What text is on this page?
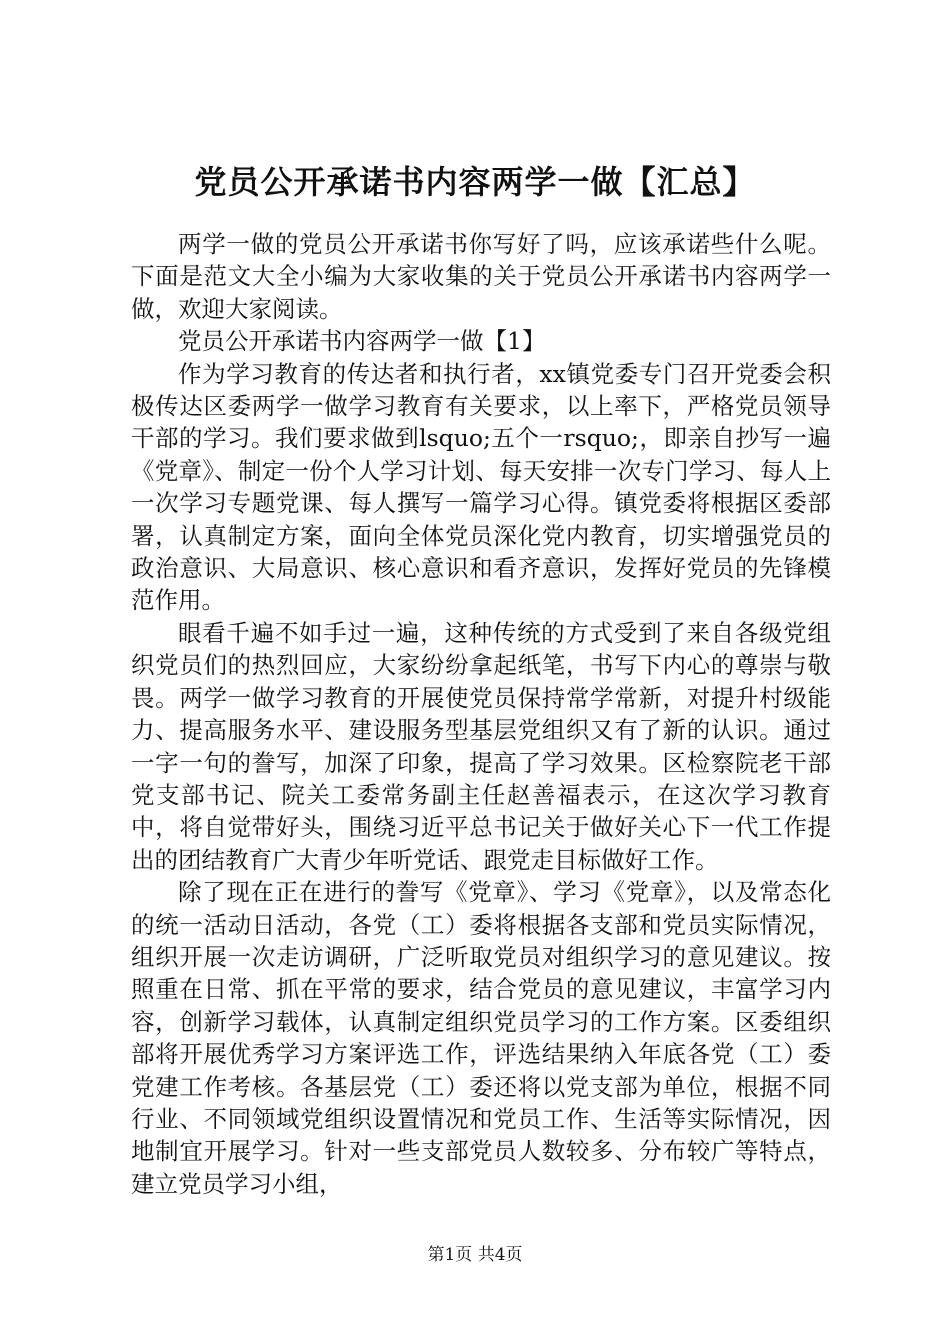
党员公开承诺书内容两学一做【汇总】

两学一做的党员公开承诺书你写好了吗，应该承诺些什么呢。下面是范文大全小编为大家收集的关于党员公开承诺书内容两学一做，欢迎大家阅读。

党员公开承诺书内容两学一做【1】

作为学习教育的传达者和执行者，xx镇党委专门召开党委会积极传达区委两学一做学习教育有关要求，以上率下，严格党员领导干部的学习。我们要求做到lsquo;五个一rsquo;，即亲自抄写一遍《党章》、制定一份个人学习计划、每天安排一次专门学习、每人上一次学习专题党课、每人撰写一篇学习心得。镇党委将根据区委部署，认真制定方案，面向全体党员深化党内教育，切实增强党员的政治意识、大局意识、核心意识和看齐意识，发挥好党员的先锋模范作用。

眼看千遍不如手过一遍，这种传统的方式受到了来自各级党组织党员们的热烈回应，大家纷纷拿起纸笔，书写下内心的尊崇与敬畏。两学一做学习教育的开展使党员保持常学常新，对提升村级能力、提高服务水平、建设服务型基层党组织又有了新的认识。通过一字一句的誊写，加深了印象，提高了学习效果。区检察院老干部党支部书记、院关工委常务副主任赵善福表示，在这次学习教育中，将自觉带好头，围绕习近平总书记关于做好关心下一代工作提出的团结教育广大青少年听党话、跟党走目标做好工作。

除了现在正在进行的誊写《党章》、学习《党章》，以及常态化的统一活动日活动，各党（工）委将根据各支部和党员实际情况，组织开展一次走访调研，广泛听取党员对组织学习的意见建议。按照重在日常、抓在平常的要求，结合党员的意见建议，丰富学习内容，创新学习载体，认真制定组织党员学习的工作方案。区委组织部将开展优秀学习方案评选工作，评选结果纳入年底各党（工）委党建工作考核。各基层党（工）委还将以党支部为单位，根据不同行业、不同领域党组织设置情况和党员工作、生活等实际情况，因地制宜开展学习。针对一些支部党员人数较多、分布较广等特点，建立党员学习小组，

第1页 共4页
